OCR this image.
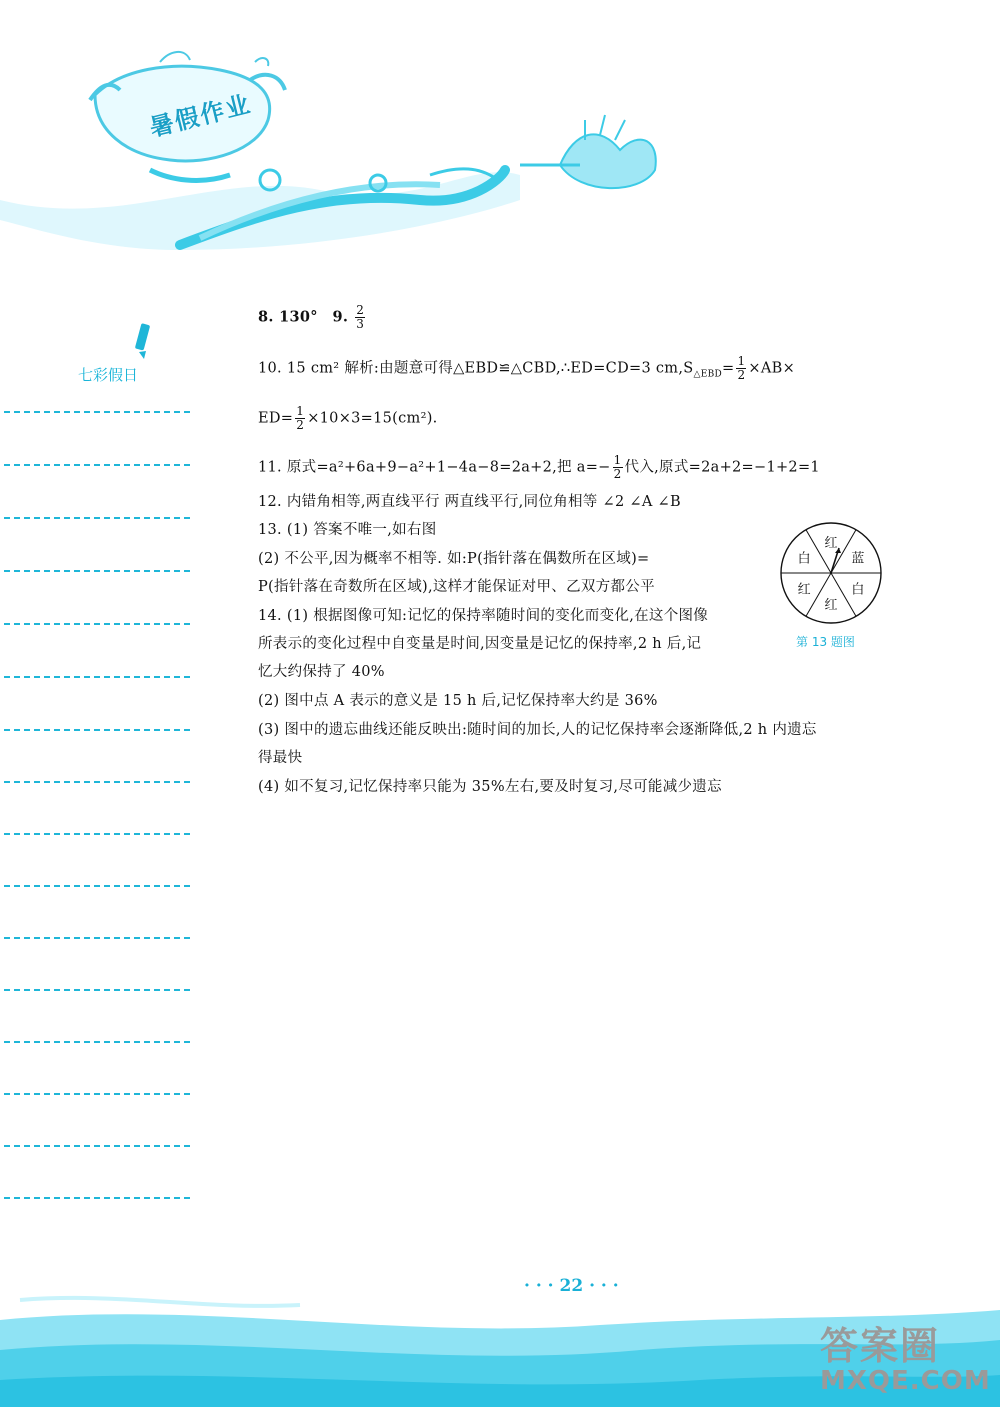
暑假作业
七彩假日
8. 130° 9. $\frac{2}{3}$
10. 15 cm² 解析:由题意可得△EBD≌△CBD,∴ED=CD=3 $cm,S_{\triangle EBD}= \frac{1}{2} \times AB\times$
$ED= \frac{1}{2} \times 10\times 3=15(cm^2)$.
11. 原式=a²+6a+9−a²+1−4a−8=2a+2,把 $a=- \frac{1}{2}$ 代入,原式=2a+2=−1+2=1
12. 内错角相等,两直线平行 两直线平行,同位角相等 ∠2 ∠A ∠B
13. (1) 答案不唯一,如右图
(2) 不公平,因为概率不相等. 如:P(指针落在偶数所在区域)=
P(指针落在奇数所在区域),这样才能保证对甲、乙双方都公平
14. (1) 根据图像可知:记忆的保持率随时间的变化而变化,在这个图像
所表示的变化过程中自变量是时间,因变量是记忆的保持率,2 h 后,记
忆大约保持了 40%
(2) 图中点 A 表示的意义是 15 h 后,记忆保持率大约是 36%
(3) 图中的遗忘曲线还能反映出:随时间的加长,人的记忆保持率会逐渐降低,2 h 内遗忘
得最快
(4) 如不复习,记忆保持率只能为 35%左右,要及时复习,尽可能减少遗忘
红
蓝
白
红
红
白
第 13 题图
· · · 22 · · ·
答案圈
MXQE.COM
